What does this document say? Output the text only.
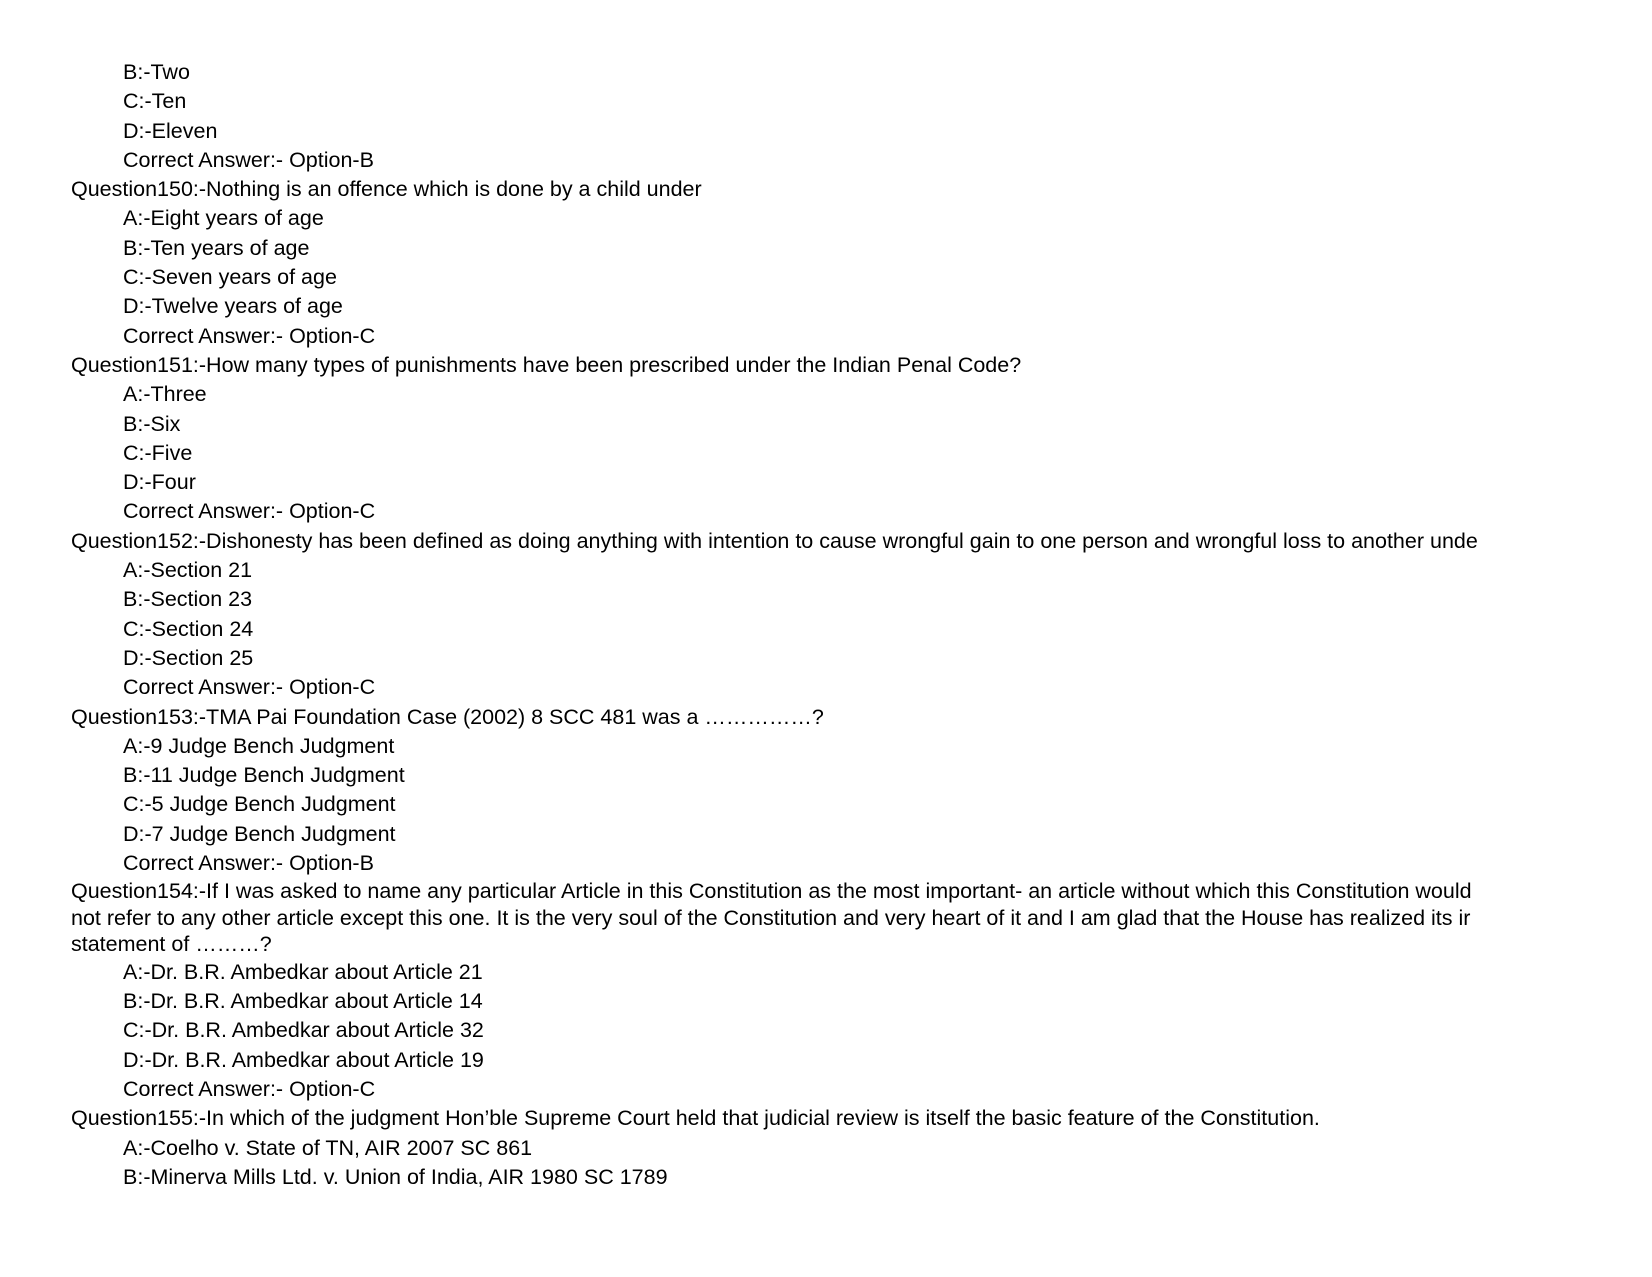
B:-Two
C:-Ten
D:-Eleven
Correct Answer:- Option-B
Question150:-Nothing is an offence which is done by a child under
A:-Eight years of age
B:-Ten years of age
C:-Seven years of age
D:-Twelve years of age
Correct Answer:- Option-C
Question151:-How many types of punishments have been prescribed under the Indian Penal Code?
A:-Three
B:-Six
C:-Five
D:-Four
Correct Answer:- Option-C
Question152:-Dishonesty has been defined as doing anything with intention to cause wrongful gain to one person and wrongful loss to another unde
A:-Section 21
B:-Section 23
C:-Section 24
D:-Section 25
Correct Answer:- Option-C
Question153:-TMA Pai Foundation Case (2002) 8 SCC 481 was a ……………?
A:-9 Judge Bench Judgment
B:-11 Judge Bench Judgment
C:-5 Judge Bench Judgment
D:-7 Judge Bench Judgment
Correct Answer:- Option-B
Question154:-If I was asked to name any particular Article in this Constitution as the most important- an article without which this Constitution would
not refer to any other article except this one. It is the very soul of the Constitution and very heart of it and I am glad that the House has realized its ir
statement of ………?
A:-Dr. B.R. Ambedkar about Article 21
B:-Dr. B.R. Ambedkar about Article 14
C:-Dr. B.R. Ambedkar about Article 32
D:-Dr. B.R. Ambedkar about Article 19
Correct Answer:- Option-C
Question155:-In which of the judgment Hon’ble Supreme Court held that judicial review is itself the basic feature of the Constitution.
A:-Coelho v. State of TN, AIR 2007 SC 861
B:-Minerva Mills Ltd. v. Union of India, AIR 1980 SC 1789
